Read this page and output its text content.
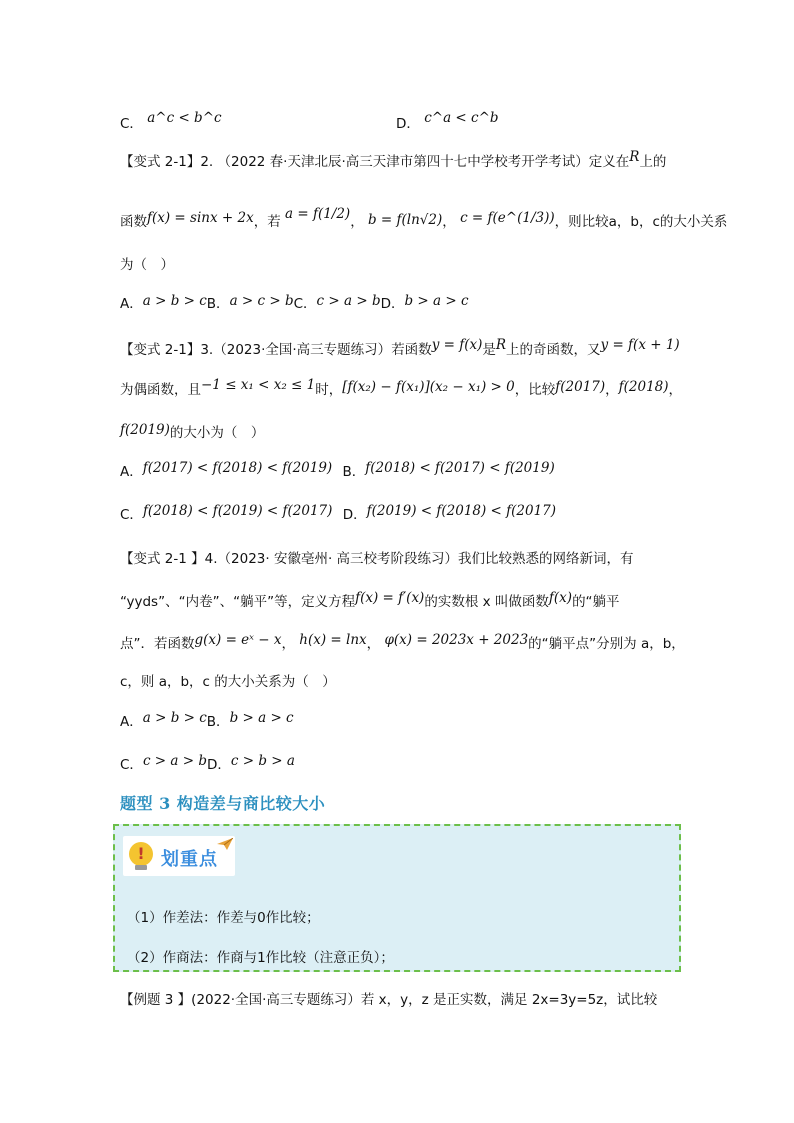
C． a^c < b^c	D． c^a < c^b
【变式 2-1】2. （2022 春·天津北辰·高三天津市第四十七中学校考开学考试）定义在R上的
函数f(x) = sinx + 2x，若 a = f(1/2)， b = f(ln√2)， c = f(e^(1/3))，则比较a，b，c的大小关系
为（　）
A．a > b > cB．a > c > bC．c > a > bD．b > a > c
【变式 2-1】3.（2023·全国·高三专题练习）若函数y = f(x)是R上的奇函数，又y = f(x + 1)
为偶函数，且−1 ≤ x₁ < x₂ ≤ 1时，[f(x₂) − f(x₁)](x₂ − x₁) > 0，比较f(2017)，f(2018)，
f(2019)的大小为（　）
A．f(2017) < f(2018) < f(2019) B．f(2018) < f(2017) < f(2019)
C．f(2018) < f(2019) < f(2017) D．f(2019) < f(2018) < f(2017)
【变式 2-1 】4.（2023· 安徽亳州· 高三校考阶段练习）我们比较熟悉的网络新词，有
“yyds”、“内卷”、“躺平”等，定义方程f(x) = f′(x)的实数根 x 叫做函数f(x)的“躺平
点”．若函数g(x) = eˣ − x， h(x) = lnx， φ(x) = 2023x + 2023的“躺平点”分别为 a，b，
c，则 a，b，c 的大小关系为（　）
A．a > b > cB．b > a > c
C．c > a > bD．c > b > a
题型 3 构造差与商比较大小
! 划重点
（1）作差法：作差与0作比较；
（2）作商法：作商与1作比较（注意正负）；
【例题 3 】(2022·全国·高三专题练习）若 x，y，z 是正实数，满足 2x=3y=5z，试比较
